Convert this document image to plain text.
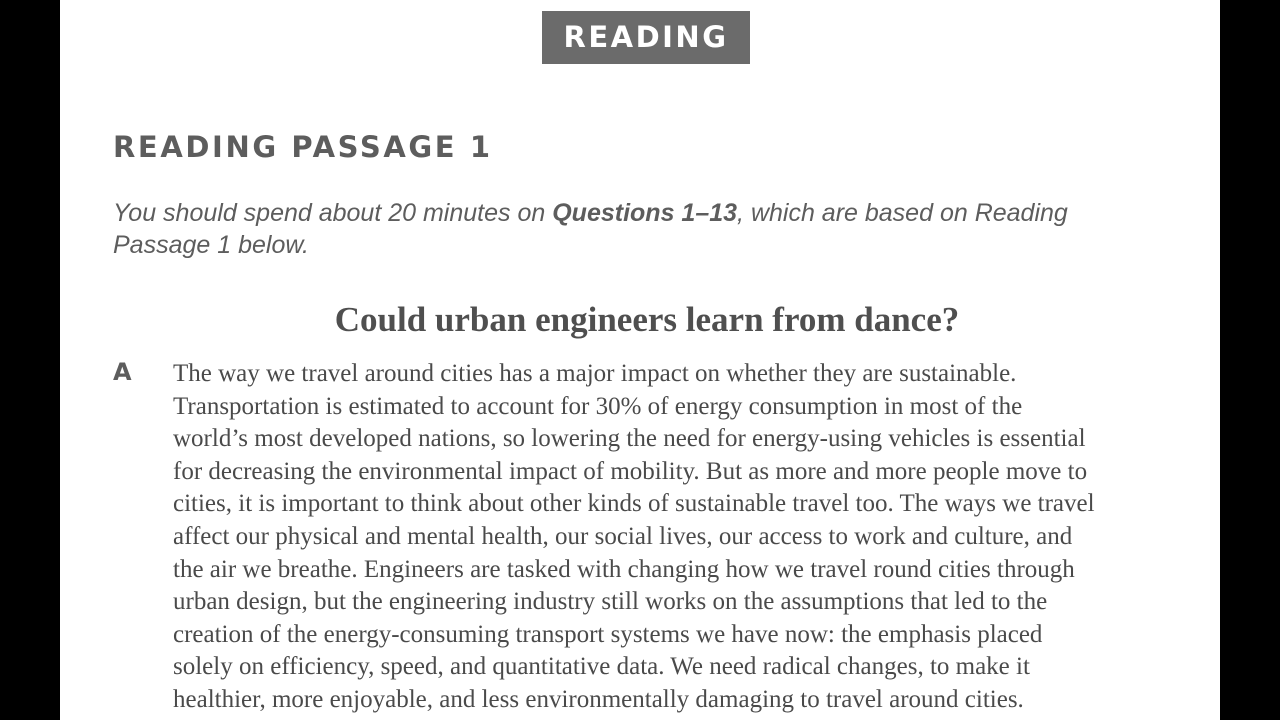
READING
READING PASSAGE 1

You should spend about 20 minutes on Questions 1–13, which are based on Reading
Passage 1 below.

Could urban engineers learn from dance?
A The way we travel around cities has a major impact on whether they are sustainable.
Transportation is estimated to account for 30% of energy consumption in most of the
world’s most developed nations, so lowering the need for energy-using vehicles is essential
for decreasing the environmental impact of mobility. But as more and more people move to
cities, it is important to think about other kinds of sustainable travel too. The ways we travel
affect our physical and mental health, our social lives, our access to work and culture, and
the air we breathe. Engineers are tasked with changing how we travel round cities through
urban design, but the engineering industry still works on the assumptions that led to the
creation of the energy-consuming transport systems we have now: the emphasis placed
solely on efficiency, speed, and quantitative data. We need radical changes, to make it
healthier, more enjoyable, and less environmentally damaging to travel around cities.
